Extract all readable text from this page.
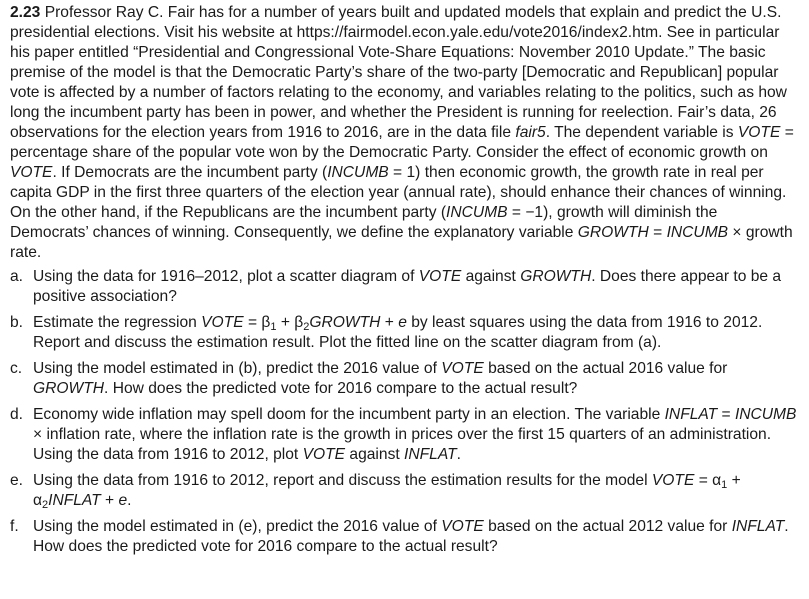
2.23 Professor Ray C. Fair has for a number of years built and updated models that explain and predict the U.S. presidential elections. Visit his website at https://fairmodel.econ.yale.edu/vote2016/index2.htm. See in particular his paper entitled “Presidential and Congressional Vote-Share Equations: November 2010 Update.” The basic premise of the model is that the Democratic Party’s share of the two-party [Democratic and Republican] popular vote is affected by a number of factors relating to the economy, and variables relating to the politics, such as how long the incumbent party has been in power, and whether the President is running for reelection. Fair’s data, 26 observations for the election years from 1916 to 2016, are in the data file fair5. The dependent variable is VOTE = percentage share of the popular vote won by the Democratic Party. Consider the effect of economic growth on VOTE. If Democrats are the incumbent party (INCUMB = 1) then economic growth, the growth rate in real per capita GDP in the first three quarters of the election year (annual rate), should enhance their chances of winning. On the other hand, if the Republicans are the incumbent party (INCUMB = −1), growth will diminish the Democrats’ chances of winning. Consequently, we define the explanatory variable GROWTH = INCUMB × growth rate.

a. Using the data for 1916–2012, plot a scatter diagram of VOTE against GROWTH. Does there appear to be a positive association?
b. Estimate the regression VOTE = $\beta_1$ + $\beta_2GROWTH + e$ by least squares using the data from 1916 to 2012. Report and discuss the estimation result. Plot the fitted line on the scatter diagram from (a).
c. Using the model estimated in (b), predict the 2016 value of VOTE based on the actual 2016 value for GROWTH. How does the predicted vote for 2016 compare to the actual result?
d. Economy wide inflation may spell doom for the incumbent party in an election. The variable INFLAT = INCUMB × inflation rate, where the inflation rate is the growth in prices over the first 15 quarters of an administration. Using the data from 1916 to 2012, plot VOTE against INFLAT.
e. Using the data from 1916 to 2012, report and discuss the estimation results for the model VOTE = $\alpha_1$ + $\alpha_2INFLAT + e$.
f. Using the model estimated in (e), predict the 2016 value of VOTE based on the actual 2012 value for INFLAT. How does the predicted vote for 2016 compare to the actual result?
